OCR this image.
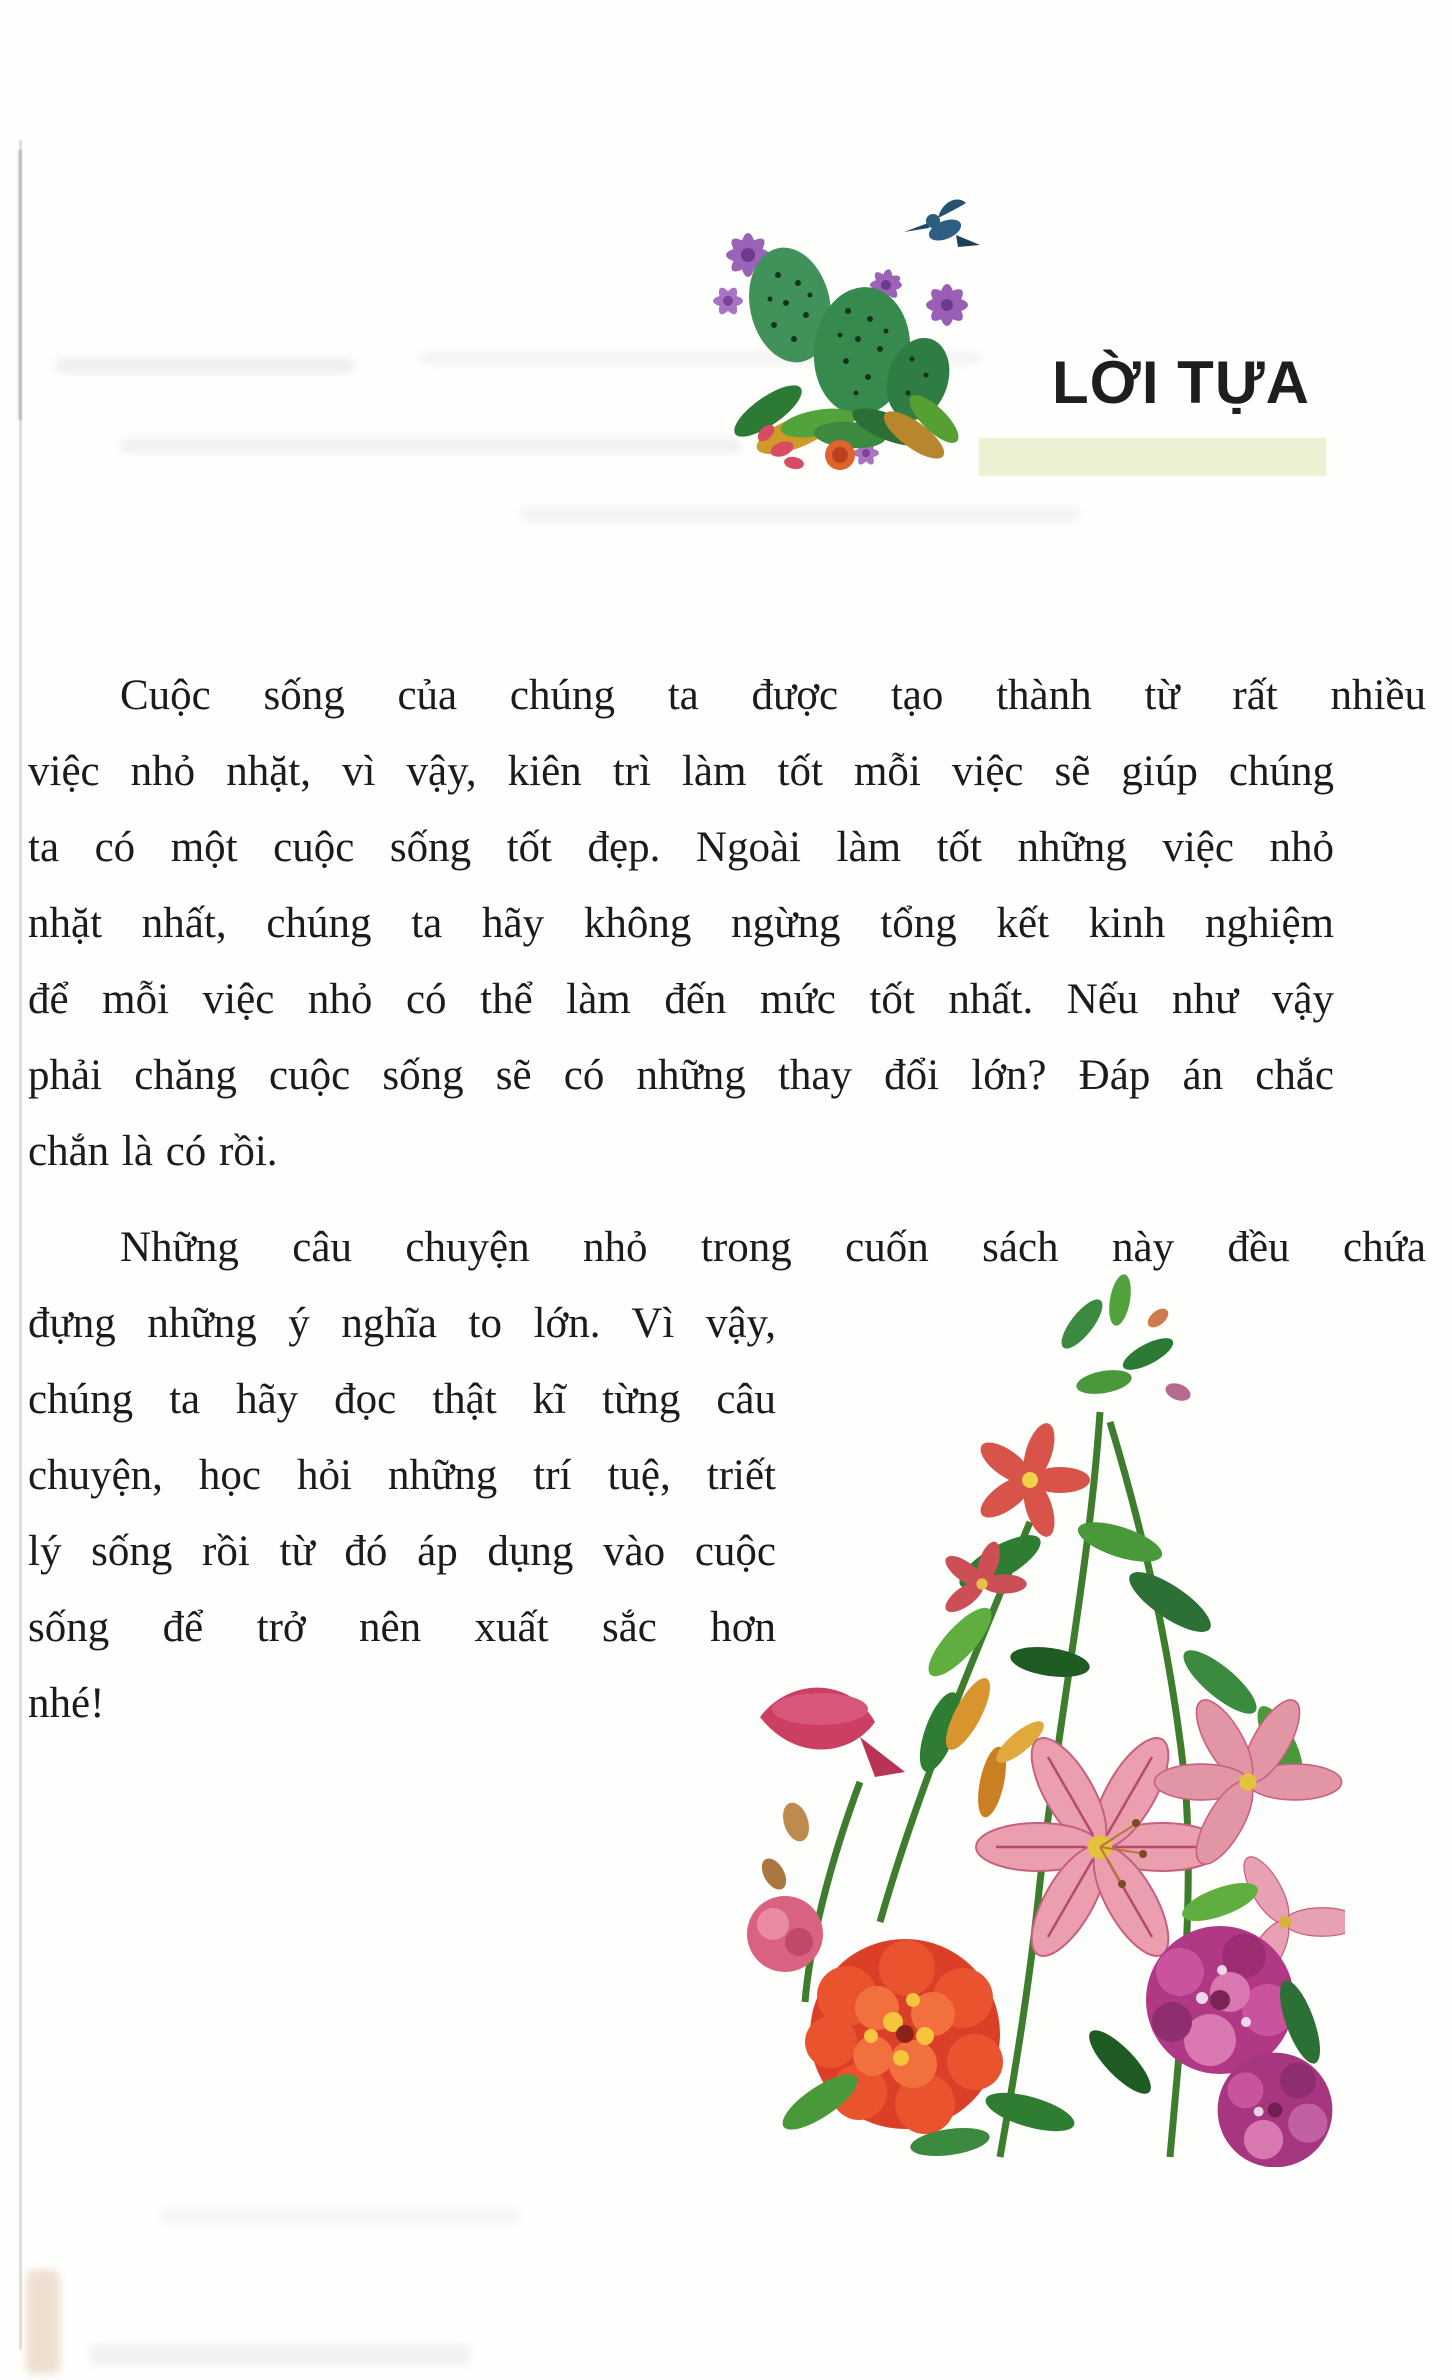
LỜI TỰA
Cuộc sống của chúng ta được tạo thành từ rất nhiều
việc nhỏ nhặt, vì vậy, kiên trì làm tốt mỗi việc sẽ giúp chúng
ta có một cuộc sống tốt đẹp. Ngoài làm tốt những việc nhỏ
nhặt nhất, chúng ta hãy không ngừng tổng kết kinh nghiệm
để mỗi việc nhỏ có thể làm đến mức tốt nhất. Nếu như vậy
phải chăng cuộc sống sẽ có những thay đổi lớn? Đáp án chắc
chắn là có rồi.
Những câu chuyện nhỏ trong cuốn sách này đều chứa
đựng những ý nghĩa to lớn. Vì vậy,
chúng ta hãy đọc thật kĩ từng câu
chuyện, học hỏi những trí tuệ, triết
lý sống rồi từ đó áp dụng vào cuộc
sống để trở nên xuất sắc hơn
nhé!
